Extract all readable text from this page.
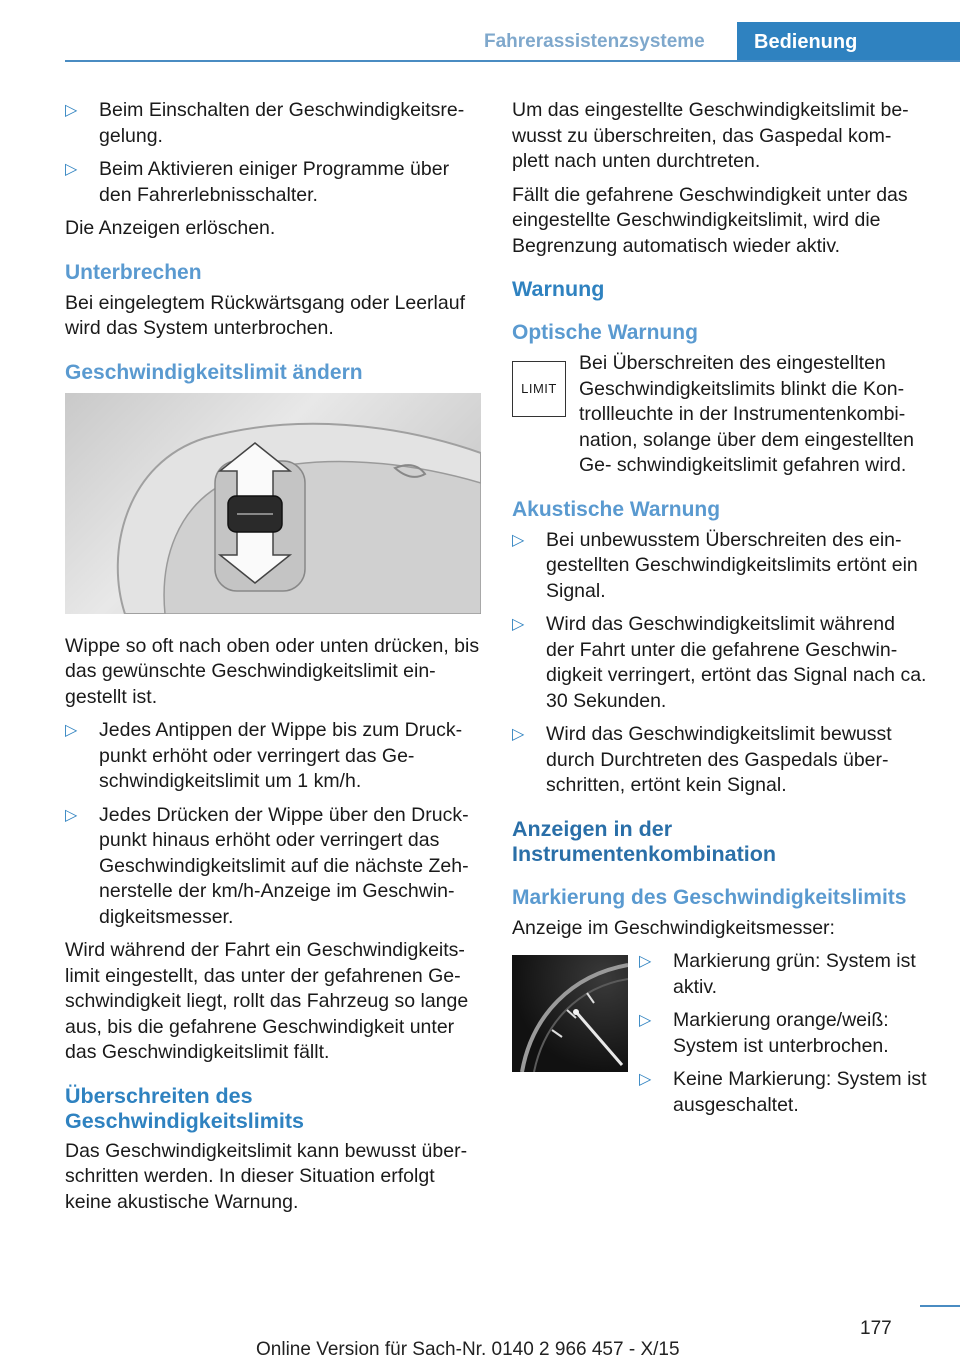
Fahrerassistenzsysteme	Bedienung
▷ Beim Einschalten der Geschwindigkeitsre‐ gelung.
▷ Beim Aktivieren einiger Programme über den Fahrerlebnisschalter.

Die Anzeigen erlöschen.

Unterbrechen

Bei eingelegtem Rückwärtsgang oder Leerlauf wird das System unterbrochen.

Geschwindigkeitslimit ändern

Wippe so oft nach oben oder unten drücken, bis das gewünschte Geschwindigkeitslimit ein‐ gestellt ist.

▷ Jedes Antippen der Wippe bis zum Druck‐ punkt erhöht oder verringert das Ge‐ schwindigkeitslimit um 1 km/h.
▷ Jedes Drücken der Wippe über den Druck‐ punkt hinaus erhöht oder verringert das Geschwindigkeitslimit auf die nächste Zeh‐ nerstelle der km/h-Anzeige im Geschwin‐ digkeitsmesser.

Wird während der Fahrt ein Geschwindigkeits‐ limit eingestellt, das unter der gefahrenen Ge‐ schwindigkeit liegt, rollt das Fahrzeug so lange aus, bis die gefahrene Geschwindigkeit unter das Geschwindigkeitslimit fällt.

Überschreiten des Geschwindigkeitslimits

Das Geschwindigkeitslimit kann bewusst über‐ schritten werden. In dieser Situation erfolgt keine akustische Warnung.

Um das eingestellte Geschwindigkeitslimit be‐ wusst zu überschreiten, das Gaspedal kom‐ plett nach unten durchtreten.

Fällt die gefahrene Geschwindigkeit unter das eingestellte Geschwindigkeitslimit, wird die Begrenzung automatisch wieder aktiv.

Warnung
Optische Warnung
LIMIT

Bei Überschreiten des eingestellten Geschwindigkeitslimits blinkt die Kon‐ trollleuchte in der Instrumentenkombi‐ nation, solange über dem eingestellten Ge‐ schwindigkeitslimit gefahren wird.

Akustische Warnung
▷ Bei unbewusstem Überschreiten des ein‐ gestellten Geschwindigkeitslimits ertönt ein Signal.
▷ Wird das Geschwindigkeitslimit während der Fahrt unter die gefahrene Geschwin‐ digkeit verringert, ertönt das Signal nach ca. 30 Sekunden.
▷ Wird das Geschwindigkeitslimit bewusst durch Durchtreten des Gaspedals über‐ schritten, ertönt kein Signal.
Anzeigen in der Instrumentenkombination
Markierung des Geschwindigkeitslimits

Anzeige im Geschwindigkeitsmesser:

▷ Markierung grün: System ist aktiv.
▷ Markierung orange/weiß: System ist unterbrochen.
▷ Keine Markierung: System ist ausgeschaltet.
177
Online Version für Sach-Nr. 0140 2 966 457 - X/15
